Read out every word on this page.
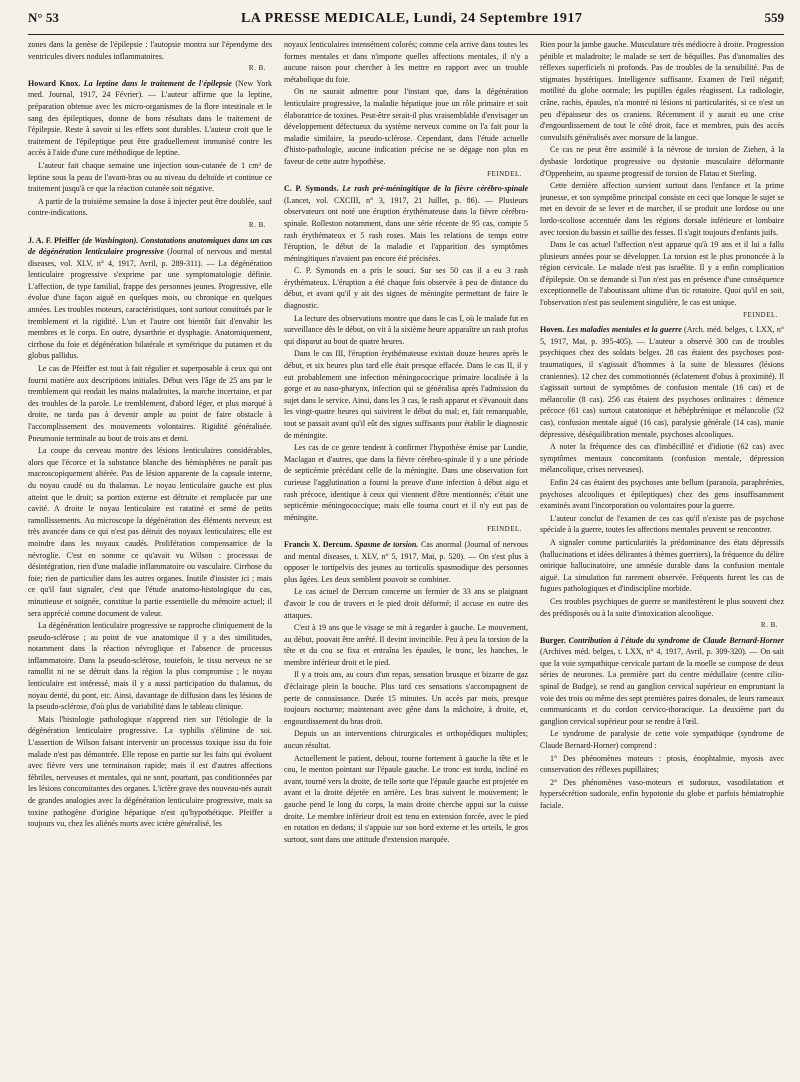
N° 53	LA PRESSE MEDICALE, Lundi, 24 Septembre 1917	559

zones dans la genèse de l'épilepsie : l'autopsie montra sur l'épendyme des ventricules divers nodules inflammatoires.

R. B.

Howard Knox. La leptine dans le traitement de l'épilepsie (New York med. Journal, 1917, 24 Février). — L'auteur affirme que la leptine, préparation obtenue avec les micro-organismes de la flore intestinale et le sang des épileptiques, donne de bons résultats dans le traitement de l'épilepsie. Reste à savoir si les effets sont durables. L'auteur croit que le traitement de l'épileptique peut être graduellement immunisé contre les accès à l'aide d'une cure méthodique de leptine.

L'auteur fait chaque semaine une injection sous-cutanée de 1 cm³ de leptine sous la peau de l'avant-bras ou au niveau du deltoïde et continue ce traitement jusqu'à ce que la réaction cutanée soit négative.

A partir de la troisième semaine la dose à injecter peut être doublée, sauf contre-indications.

R. B.

J. A. F. Pfeiffer (de Washington). Constatations anatomiques dans un cas de dégénération lenticulaire progressive (Journal of nervous and mental diseases, vol. XLV, n° 4, 1917, Avril, p. 289-311). — La dégénération lenticulaire progressive s'exprime par une symptomatologie définie. L'affection, de type familial, frappe des personnes jeunes. Progressive, elle évolue d'une façon aiguë en quelques mois, ou chronique en quelques années. Les troubles moteurs, caractéristiques, sont surtout constitués par le tremblement et la rigidité. L'un et l'autre ont bientôt fait d'envahir les membres et le corps. En outre, dysarthrie et dysphagie. Anatomiquement, cirrhose du foie et dégénération bilatérale et symétrique du putamen et du globus pallidus.

Le cas de Pfeiffer est tout à fait régulier et superposable à ceux qui ont fourni matière aux descriptions initiales. Début vers l'âge de 25 ans par le tremblement qui rendait les mains maladroites, la marche incertaine, et par des troubles de la parole. Le tremblement, d'abord léger, et plus marqué à droite, ne tarda pas à devenir ample au point de faire obstacle à l'accomplissement des mouvements volontaires. Rigidité généralisée. Pneumonie terminale au bout de trois ans et demi.

La coupe du cerveau montre des lésions lenticulaires considérables, alors que l'écorce et la substance blanche des hémisphères ne paraît pas macroscopiquement altérée. Pas de lésion apparente de la capsule interne, du noyau caudé ou du thalamus. Le noyau lenticulaire gauche est plus atteint que le droit; sa portion externe est détruite et remplacée par une cavité. A droite le noyau lenticulaire est ratatiné et semé de petits ramollissements. Au microscope la dégénération des éléments nerveux est très avancée dans ce qui n'est pas détruit des noyaux lenticulaires; elle est moindre dans les noyaux caudés. Prolifération compensatrice de la névroglie. C'est en somme ce qu'avait vu Wilson : processus de désintégration, rien d'une maladie inflammatoire ou vasculaire. Cirrhose du foie; rien de particulier dans les autres organes. Inutile d'insister ici ; mais ce qu'il faut signaler, c'est que l'étude anatomo-histologique du cas, minutieuse et soignée, constitue la partie essentielle du mémoire actuel; il sera apprécié comme document de valeur.

La dégénération lenticulaire progressive se rapproche cliniquement de la pseudo-sclérose ; au point de vue anatomique il y a des similitudes, notamment dans la réaction névroglique et l'absence de processus inflammatoire. Dans la pseudo-sclérose, toutefois, le tissu nerveux ne se ramollit ni ne se détruit dans la région la plus compromise ; le noyau lenticulaire est intéressé, mais il y a aussi participation du thalamus, du noyau denté, du pont, etc. Ainsi, davantage de diffusion dans les lésions de la pseudo-sclérose, d'où plus de variabilité dans le tableau clinique.

Mais l'histologie pathologique n'apprend rien sur l'étiologie de la dégénération lenticulaire progressive. La syphilis s'élimine de soi. L'assertion de Wilson faisant intervenir un processus toxique issu du foie malade n'est pas démontrée. Elle repose en partie sur les faits qui évoluent avec fièvre vers une terminaison rapide; mais il est d'autres affections fébriles, nerveuses et mentales, qui ne sont, pourtant, pas conditionnées par les lésions concomitantes des organes. L'ictère grave des nouveau-nés aurait de grandes analogies avec la dégénération lenticulaire progressive, mais sa toxine pathogène d'origine hépatique n'est qu'hypothétique. Pfeiffer a toujours vu, chez les aliénés morts avec ictère généralisé, les

noyaux lenticulaires intensément colorés; comme cela arrive dans toutes les formes mentales et dans n'importe quelles affections mentales, il n'y a aucune raison pour chercher à les mettre en rapport avec un trouble métabolique du foie.

On ne saurait admettre pour l'instant que, dans la dégénération lenticulaire progressive, la maladie hépatique joue un rôle primaire et soit élaboratrice de toxines. Peut-être serait-il plus vraisemblable d'envisager un développement défectueux du système nerveux comme on l'a fait pour la maladie similaire, la pseudo-sclérose. Cependant, dans l'étude actuelle d'histo-pathologie, aucune indication précise ne se dégage non plus en faveur de cette autre hypothèse.

FEINDEL.

C. P. Symonds. Le rash pré-méningitique de la fièvre cérébro-spinale (Lancet, vol. CXCIII, n° 3, 1917, 21 Juillet, p. 86). — Plusieurs observateurs ont noté une éruption érythémateuse dans la fièvre cérébro-spinale. Rolleston notamment, dans une série récente de 95 cas, compte 5 rash érythémateux et 5 rash roses. Mais les relations de temps entre l'éruption, le début de la maladie et l'apparition des symptômes méningitiques n'avaient pas encore été précisées.

C. P. Symonds en a pris le souci. Sur ses 50 cas il a eu 3 rash érythémateux. L'éruption a été chaque fois observée à peu de distance du début, et avant qu'il y ait des signes de méningite permettant de faire le diagnostic.

La lecture des observations montre que dans le cas I, où le malade fut en surveillance dès le début, on vit à la sixième heure apparaître un rash profus qui disparut au bout de quatre heures.

Dans le cas III, l'éruption érythémateuse existait douze heures après le début, et six heures plus tard elle était presque effacée. Dans le cas II, il y eut probablement une infection méningococcique primaire localisée à la gorge et au naso-pharynx, infection qui se généralisa après l'admission du sujet dans le service. Ainsi, dans les 3 cas, le rash apparut et s'évanouit dans les vingt-quatre heures qui suivirent le début du mal; et, fait remarquable, tout se passait avant qu'il eût des signes suffisants pour établir le diagnostic de méningite.

Les cas de ce genre tendent à confirmer l'hypothèse émise par Lundie, Maclagan et d'autres, que dans la fièvre cérébro-spinale il y a une période de septicémie précédant celle de la méningite. Dans une observation fort curieuse l'agglutination a fourni la preuve d'une infection à début aigu et rash précoce, identique à ceux qui viennent d'être mentionnés; c'était une septicémie méningococcique; mais elle tourna court et il n'y eut pas de méningite.

FEINDEL.

Francis X. Dercum. Spasme de torsion. Cas anormal (Journal of nervous and mental diseases, t. XLV, n° 5, 1917, Mai, p. 520). — On s'est plus à opposer le tortipelvis des jeunes au torticolis spasmodique des personnes plus âgées. Les deux semblent pouvoir se combiner.

Le cas actuel de Dercum concerne un fermier de 33 ans se plaignant d'avoir le cou de travers et le pied droit déformé; il accuse en outre des attaques.

C'est à 19 ans que le visage se mit à regarder à gauche. Le mouvement, au début, pouvait être arrêté. Il devint invincible. Peu à peu la torsion de la tête et du cou se fixa et entraîna les épaules, le tronc, les hanches, le membre inférieur droit et le pied.

Il y a trois ans, au cours d'un repas, sensation brusque et bizarre de gaz d'éclairage plein la bouche. Plus tard ces sensations s'accompagnent de perte de connaissance. Durée 15 minutes. Un accès par mois, presque toujours nocturne; maintenant avec gêne dans la mâchoire, à droite, et, engourdissement du bras droit.

Depuis un an interventions chirurgicales et orthopédiques multiples; aucun résultat.

Actuellement le patient, debout, tourne fortement à gauche la tête et le cou, le menton pointant sur l'épaule gauche. Le tronc est tordu, incliné en avant, tourné vers la droite, de telle sorte que l'épaule gauche est projetée en avant et la droite déjetée en arrière. Les bras suivent le mouvement; le gauche pend le long du corps, la main droite cherche appui sur la cuisse droite. Le membre inférieur droit est tenu en extension forcée, avec le pied en rotation en dedans; il s'appuie sur son bord externe et les orteils, le gros surtout, sont dans une attitude d'extension marquée.

Rien pour la jambe gauche. Musculature très médiocre à droite. Progression pénible et maladroite; le malade se sert de béquilles. Pas d'anomalies des réflexes superficiels ni profonds. Pas de troubles de la sensibilité. Pas de stigmates hystériques. Intelligence suffisante. Examen de l'œil négatif; motilité du globe normale; les pupilles égales réagissent. La radiologie, crâne, rachis, épaules, n'a montré ni lésions ni particularités, si ce n'est un peu d'épaisseur des os craniens. Récemment il y aurait eu une crise d'engourdissement de tout le côté droit, face et membres, puis des accès convulsifs généralisés avec morsure de la langue.

Ce cas ne peut être assimilé à la névrose de torsion de Ziehen, à la dysbasie lordotique progressive ou dystonie musculaire déformante d'Oppenheim, au spasme progressif de torsion de Flatau et Sterling.

Cette dernière affection survient surtout dans l'enfance et la prime jeunesse, et son symptôme principal consiste en ceci que lorsque le sujet se met en devoir de se lever et de marcher, il se produit une lordose ou une lordo-scoliose accentuée dans les régions dorsale inférieure et lombaire avec torsion du bassin et saillie des fesses. Il s'agit toujours d'enfants juifs.

Dans le cas actuel l'affection n'est apparue qu'à 19 ans et il lui a fallu plusieurs années pour se développer. La torsion est le plus prononcée à la région cervicale. Le malade n'est pas israélite. Il y a enfin complication d'épilepsie. On se demande si l'on n'est pas en présence d'une conséquence exceptionnelle de l'aboutissant ultime d'un tic rotatoire. Quoi qu'il en soit, l'observation n'est pas seulement singulière, le cas est unique.

FEINDEL.

Hoven. Les maladies mentales et la guerre (Arch. méd. belges, t. LXX, n° 5, 1917, Mai, p. 395-405). — L'auteur a observé 300 cas de troubles psychiques chez des soldats belges. 28 cas étaient des psychoses post-traumatiques, il s'agissait d'hommes à la suite de blessures (lésions craniennes). 12 chez des commotionnés (éclatement d'obus à proximité). Il s'agissait surtout de symptômes de confusion mentale (16 cas) et de mélancolie (8 cas). 256 cas étaient des psychoses ordinaires : démence précoce (61 cas) surtout catatonique et hébéphrénique et mélancolie (52 cas), confusion mentale aiguë (16 cas), paralysie générale (14 cas), manie dépressive, déséquilibration mentale, psychoses alcooliques.

A noter la fréquence des cas d'imbécillité et d'idiotie (62 cas) avec symptômes mentaux concomitants (confusion mentale, dépression mélancolique, crises nerveuses).

Enfin 24 cas étaient des psychoses ante bellum (paranoïa, paraphrénies, psychoses alcooliques et épileptiques) chez des gens insuffisamment examinés avant l'incorporation ou volontaires pour la guerre.

L'auteur conclut de l'examen de ces cas qu'il n'existe pas de psychose spéciale à la guerre, toutes les affections mentales peuvent se rencontrer.

A signaler comme particularités la prédominance des états dépressifs (hallucinations et idées délirantes à thèmes guerriers), la fréquence du délire onirique hallucinatoire, une amnésie durable dans la confusion mentale aiguë. La simulation fut rarement observée. Fréquents furent les cas de fugues pathologiques et d'indiscipline morbide.

Ces troubles psychiques de guerre se manifestèrent le plus souvent chez des prédisposés ou à la suite d'intoxication alcoolique.

R. B.

Burger. Contribution à l'étude du syndrome de Claude Bernard-Horner (Archives méd. belges, t. LXX, n° 4, 1917, Avril, p. 309-320). — On sait que la voie sympathique cervicale partant de la moelle se compose de deux séries de neurones. La première part du centre médullaire (centre cilio-spinal de Budge), se rend au ganglion cervical supérieur en empruntant la voie des trois ou même des sept premières paires dorsales, de leurs rameaux communicants et du cordon cervico-thoracique. La deuxième part du ganglion cervical supérieur pour se rendre à l'œil.

Le syndrome de paralysie de cette voie sympathique (syndrome de Claude Bernard-Horner) comprend :

1° Des phénomènes moteurs : ptosis, énophtalmie, myosis avec conservation des réflexes pupillaires;

2° Des phénomènes vaso-moteurs et sudoraux, vasodilatation et hypersécrétion sudorale, enfin hypotonie du globe et parfois hémiatrophie faciale.
